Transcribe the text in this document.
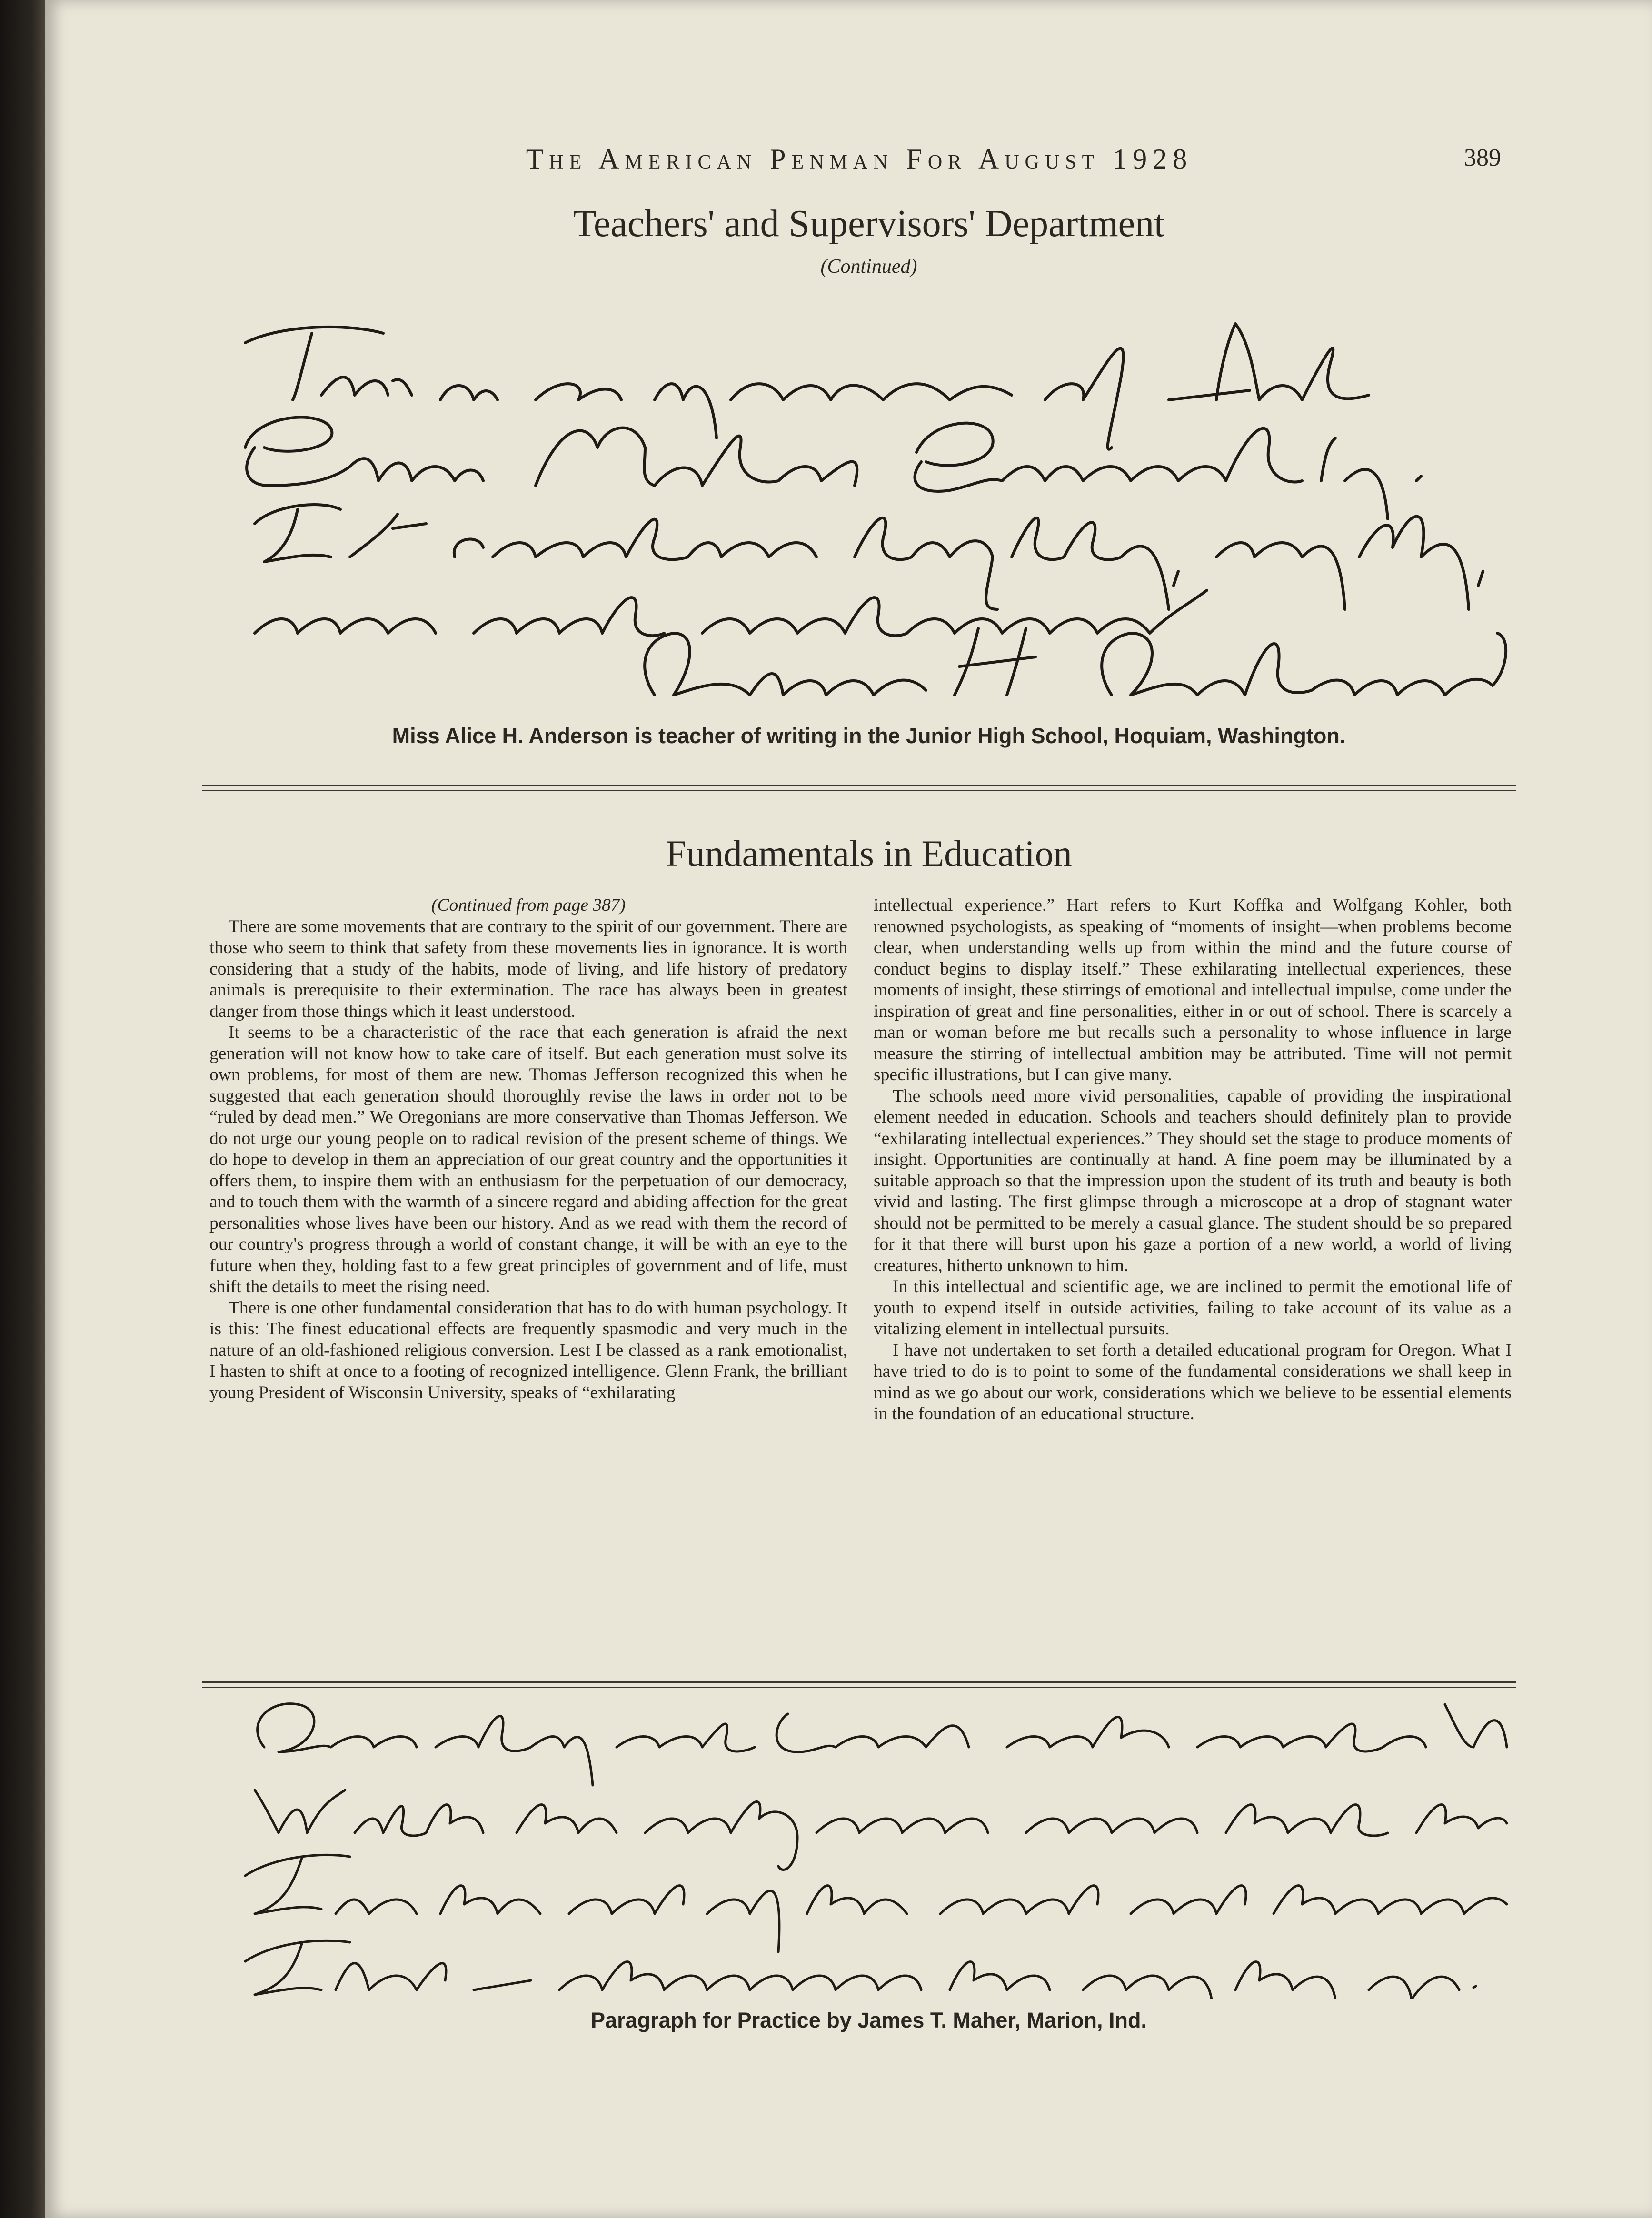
The American Penman For August 1928	389
Teachers' and Supervisors' Department
(Continued)
Miss Alice H. Anderson is teacher of writing in the Junior High School, Hoquiam, Washington.
Fundamentals in Education

(Continued from page 387)

There are some movements that are contrary to the spirit of our government. There are those who seem to think that safety from these movements lies in ignorance. It is worth considering that a study of the habits, mode of living, and life history of predatory animals is prerequisite to their extermination. The race has always been in greatest danger from those things which it least understood.

It seems to be a characteristic of the race that each generation is afraid the next generation will not know how to take care of itself. But each generation must solve its own problems, for most of them are new. Thomas Jefferson recognized this when he suggested that each generation should thoroughly revise the laws in order not to be “ruled by dead men.” We Oregonians are more conservative than Thomas Jefferson. We do not urge our young people on to radical revision of the present scheme of things. We do hope to develop in them an appreciation of our great country and the opportunities it offers them, to inspire them with an enthusiasm for the perpetuation of our democracy, and to touch them with the warmth of a sincere regard and abiding affection for the great personalities whose lives have been our history. And as we read with them the record of our country's progress through a world of constant change, it will be with an eye to the future when they, holding fast to a few great principles of government and of life, must shift the details to meet the rising need.

There is one other fundamental consideration that has to do with human psychology. It is this: The finest educational effects are frequently spasmodic and very much in the nature of an old-fashioned religious conversion. Lest I be classed as a rank emotionalist, I hasten to shift at once to a footing of recognized intelligence. Glenn Frank, the brilliant young President of Wisconsin University, speaks of “exhilarating

intellectual experience.” Hart refers to Kurt Koffka and Wolfgang Kohler, both renowned psychologists, as speaking of “moments of insight—when problems become clear, when understanding wells up from within the mind and the future course of conduct begins to display itself.” These exhilarating intellectual experiences, these moments of insight, these stirrings of emotional and intellectual impulse, come under the inspiration of great and fine personalities, either in or out of school. There is scarcely a man or woman before me but recalls such a personality to whose influence in large measure the stirring of intellectual ambition may be attributed. Time will not permit specific illustrations, but I can give many.

The schools need more vivid personalities, capable of providing the inspirational element needed in education. Schools and teachers should definitely plan to provide “exhilarating intellectual experiences.” They should set the stage to produce moments of insight. Opportunities are continually at hand. A fine poem may be illuminated by a suitable approach so that the impression upon the student of its truth and beauty is both vivid and lasting. The first glimpse through a microscope at a drop of stagnant water should not be permitted to be merely a casual glance. The student should be so prepared for it that there will burst upon his gaze a portion of a new world, a world of living creatures, hitherto unknown to him.

In this intellectual and scientific age, we are inclined to permit the emotional life of youth to expend itself in outside activities, failing to take account of its value as a vitalizing element in intellectual pursuits.

I have not undertaken to set forth a detailed educational program for Oregon. What I have tried to do is to point to some of the fundamental considerations we shall keep in mind as we go about our work, considerations which we believe to be essential elements in the foundation of an educational structure.

Paragraph for Practice by James T. Maher, Marion, Ind.
